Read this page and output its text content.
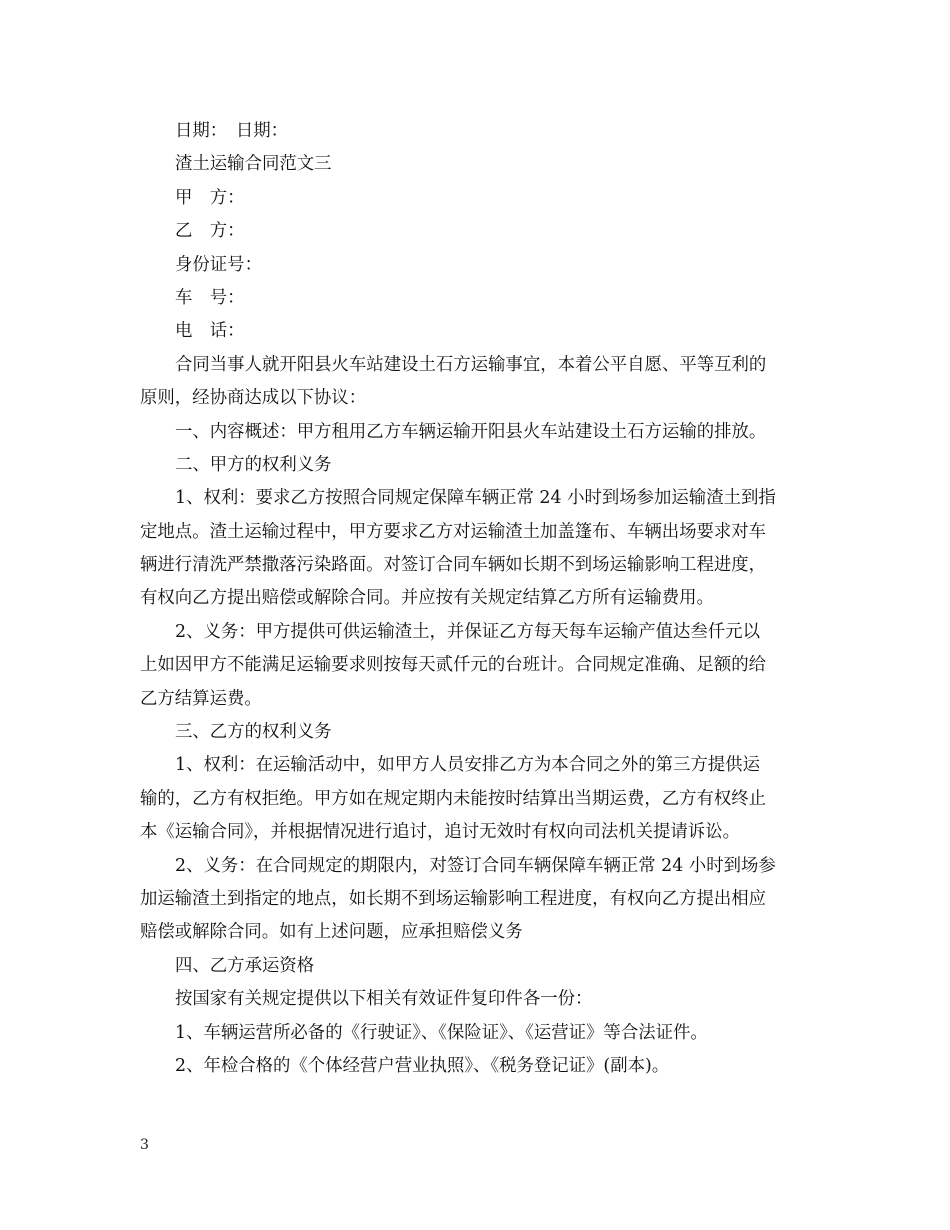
日期：　日期：
渣土运输合同范文三
甲　方：
乙　方：
身份证号：
车　号：
电　话：
合同当事人就开阳县火车站建设土石方运输事宜，本着公平自愿、平等互利的
原则，经协商达成以下协议：
一、内容概述：甲方租用乙方车辆运输开阳县火车站建设土石方运输的排放。
二、甲方的权利义务
1、权利：要求乙方按照合同规定保障车辆正常 24 小时到场参加运输渣土到指
定地点。渣土运输过程中，甲方要求乙方对运输渣土加盖篷布、车辆出场要求对车
辆进行清洗严禁撒落污染路面。对签订合同车辆如长期不到场运输影响工程进度，
有权向乙方提出赔偿或解除合同。并应按有关规定结算乙方所有运输费用。
2、义务：甲方提供可供运输渣土，并保证乙方每天每车运输产值达叁仟元以
上如因甲方不能满足运输要求则按每天贰仟元的台班计。合同规定准确、足额的给
乙方结算运费。
三、乙方的权利义务
1、权利：在运输活动中，如甲方人员安排乙方为本合同之外的第三方提供运
输的，乙方有权拒绝。甲方如在规定期内未能按时结算出当期运费，乙方有权终止
本《运输合同》，并根据情况进行追讨，追讨无效时有权向司法机关提请诉讼。
2、义务：在合同规定的期限内，对签订合同车辆保障车辆正常 24 小时到场参
加运输渣土到指定的地点，如长期不到场运输影响工程进度，有权向乙方提出相应
赔偿或解除合同。如有上述问题，应承担赔偿义务
四、乙方承运资格
按国家有关规定提供以下相关有效证件复印件各一份：
1、车辆运营所必备的《行驶证》、《保险证》、《运营证》等合法证件。
2、年检合格的《个体经营户营业执照》、《税务登记证》(副本)。
3
